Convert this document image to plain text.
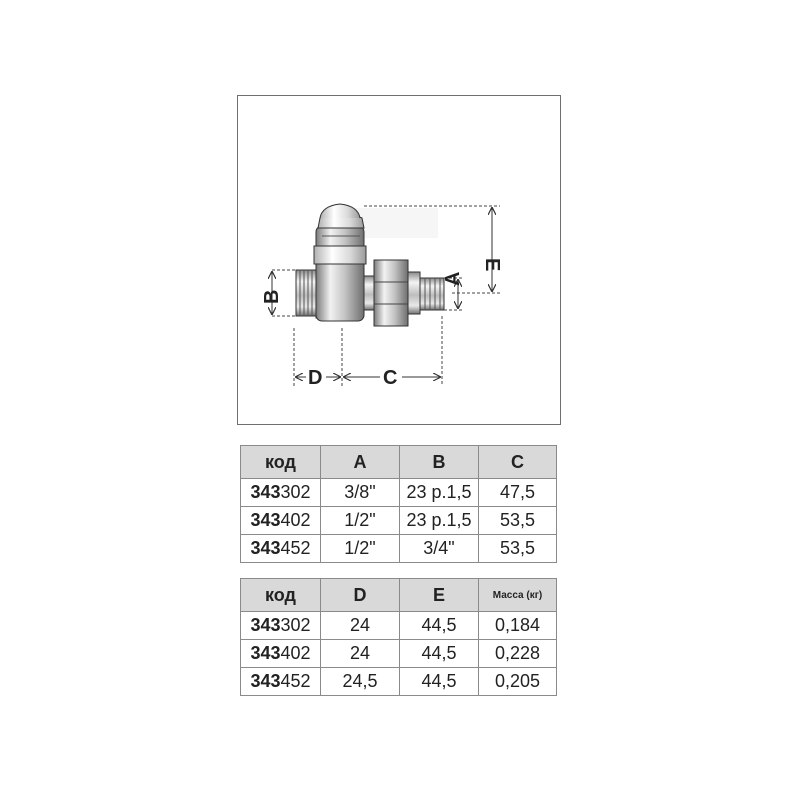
E
A
B
D	C
код	A	B	C
343302	3/8"	23 p.1,5	47,5
343402	1/2"	23 p.1,5	53,5
343452	1/2"	3/4"	53,5
код	D	E	Масса (кг)
343302	24	44,5	0,184
343402	24	44,5	0,228
343452	24,5	44,5	0,205
